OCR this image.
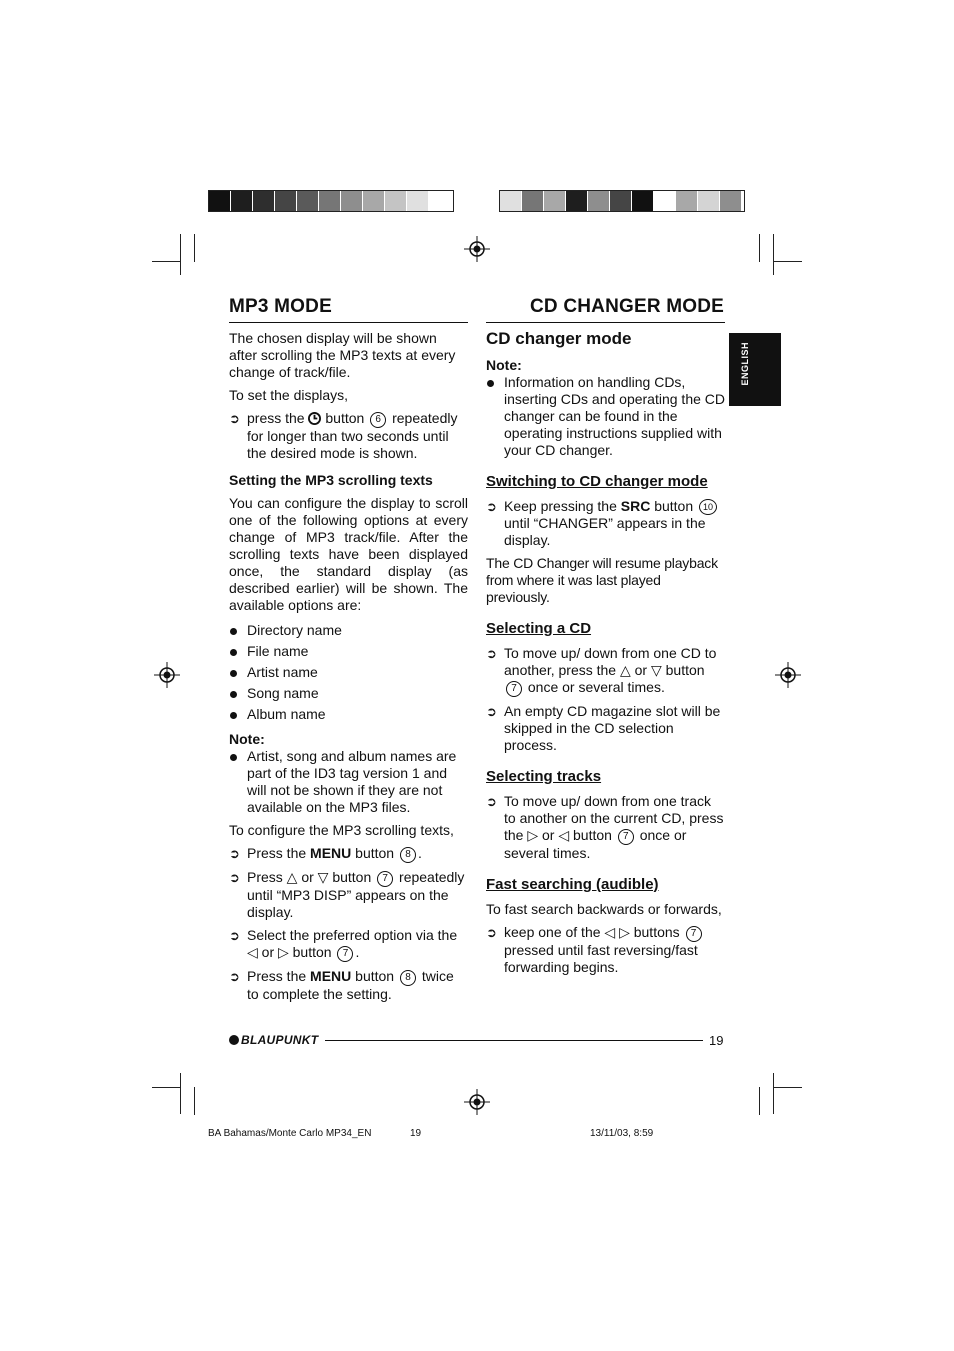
MP3 MODE	CD CHANGER MODE
ENGLISH

The chosen display will be shown after scrolling the MP3 texts at every change of track/file.

To set the displays,

➲ press the button 6 repeatedly for longer than two seconds until the desired mode is shown.
Setting the MP3 scrolling texts

You can configure the display to scroll one of the following options at every change of MP3 track/file. After the scrolling texts have been displayed once, the standard display (as described earlier) will be shown. The available options are:

Directory name
File name
Artist name
Song name
Album name
Note:
Artist, song and album names are part of the ID3 tag version 1 and will not be shown if they are not available on the MP3 files.

To configure the MP3 scrolling texts,

➲ Press the MENU button 8 .
➲ Press △ or ▽ button 7 repeatedly until “MP3 DISP” appears on the display.
➲ Select the preferred option via the ◁ or ▷ button 7 .
➲ Press the MENU button 8 twice to complete the setting.
CD changer mode
Note:
Information on handling CDs, inserting CDs and operating the CD changer can be found in the operating instructions supplied with your CD changer.
Switching to CD changer mode
➲ Keep pressing the SRC button 10 until “CHANGER” appears in the display.

The CD Changer will resume playback from where it was last played previously.

Selecting a CD
➲ To move up/ down from one CD to another, press the △ or ▽ button 7 once or several times.
➲ An empty CD magazine slot will be skipped in the CD selection process.
Selecting tracks
➲ To move up/ down from one track to another on the current CD, press the ▷ or ◁ button 7 once or several times.
Fast searching (audible)

To fast search backwards or forwards,

➲ keep one of the ◁ ▷ buttons 7 pressed until fast reversing/fast forwarding begins.
BLAUPUNKT	19
BA Bahamas/Monte Carlo MP34_EN	19	13/11/03, 8:59
